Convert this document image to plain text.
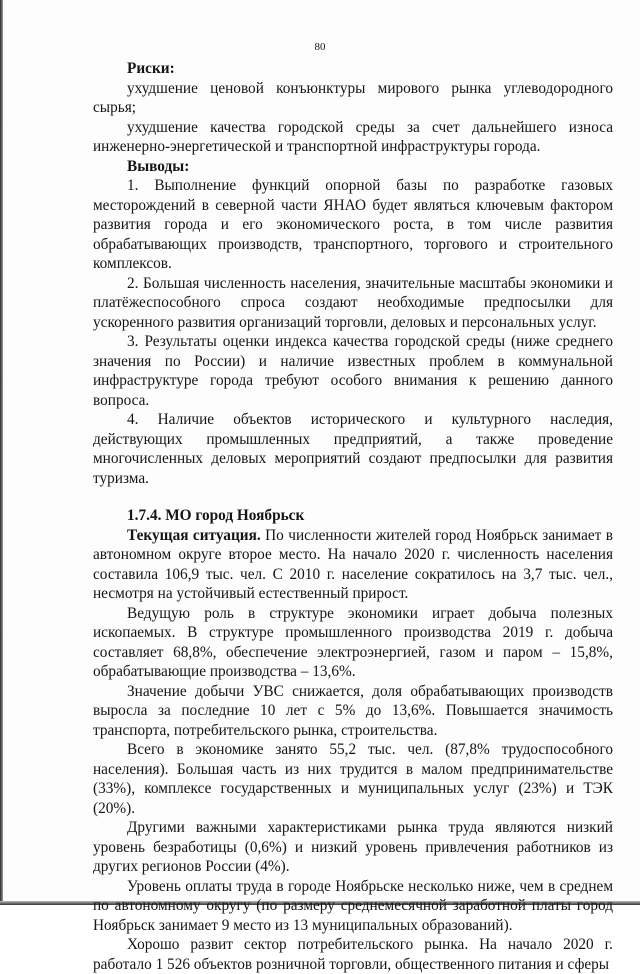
80
Риски:

ухудшение ценовой конъюнктуры мирового рынка углеводородного сырья;

ухудшение качества городской среды за счет дальнейшего износа инженерно-энергетической и транспортной инфраструктуры города.

Выводы:

1. Выполнение функций опорной базы по разработке газовых месторождений в северной части ЯНАО будет являться ключевым фактором развития города и его экономического роста, в том числе развития обрабатывающих производств, транспортного, торгового и строительного комплексов.

2. Большая численность населения, значительные масштабы экономики и платёжеспособного спроса создают необходимые предпосылки для ускоренного развития организаций торговли, деловых и персональных услуг.

3. Результаты оценки индекса качества городской среды (ниже среднего значения по России) и наличие известных проблем в коммунальной инфраструктуре города требуют особого внимания к решению данного вопроса.

4. Наличие объектов исторического и культурного наследия, действующих промышленных предприятий, а также проведение многочисленных деловых мероприятий создают предпосылки для развития туризма.

1.7.4. МО город Ноябрьск

Текущая ситуация. По численности жителей город Ноябрьск занимает в автономном округе второе место. На начало 2020 г. численность населения составила 106,9 тыс. чел. С 2010 г. население сократилось на 3,7 тыс. чел., несмотря на устойчивый естественный прирост.

Ведущую роль в структуре экономики играет добыча полезных ископаемых. В структуре промышленного производства 2019 г. добыча составляет 68,8%, обеспечение электроэнергией, газом и паром – 15,8%, обрабатывающие производства – 13,6%.

Значение добычи УВС снижается, доля обрабатывающих производств выросла за последние 10 лет с 5% до 13,6%. Повышается значимость транспорта, потребительского рынка, строительства.

Всего в экономике занято 55,2 тыс. чел. (87,8% трудоспособного населения). Большая часть из них трудится в малом предпринимательстве (33%), комплексе государственных и муниципальных услуг (23%) и ТЭК (20%).

Другими важными характеристиками рынка труда являются низкий уровень безработицы (0,6%) и низкий уровень привлечения работников из других регионов России (4%).

Уровень оплаты труда в городе Ноябрьске несколько ниже, чем в среднем по автономному округу (по размеру среднемесячной заработной платы город Ноябрьск занимает 9 место из 13 муниципальных образований).

Хорошо развит сектор потребительского рынка. На начало 2020 г. работало 1 526 объектов розничной торговли, общественного питания и сферы
